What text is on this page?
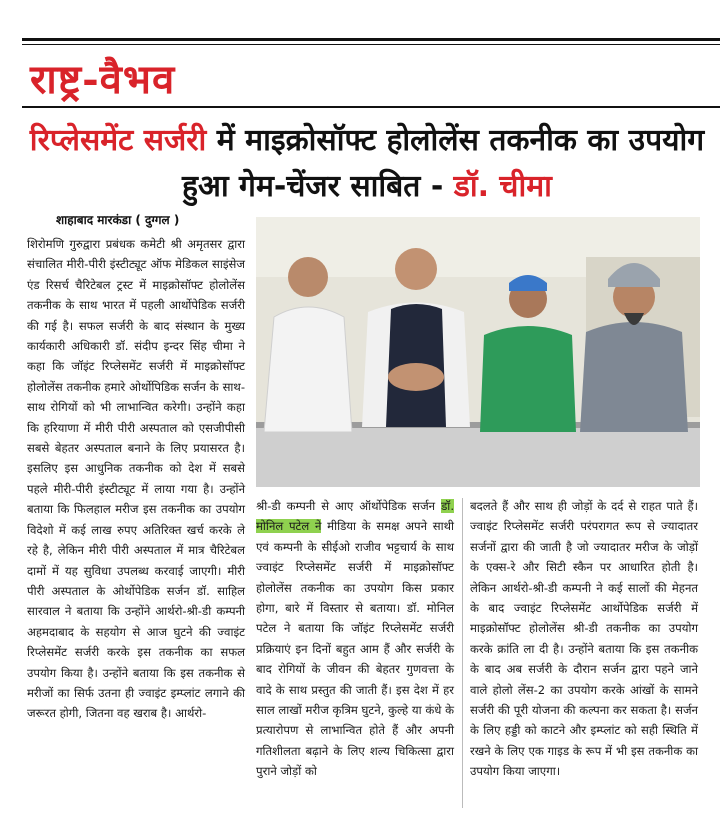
राष्ट्र-वैभव
रिप्लेसमेंट सर्जरी में माइक्रोसॉफ्ट होलोलेंस तकनीक का उपयोग हुआ गेम-चेंजर साबित - डॉ. चीमा
शाहाबाद मारकंडा ( दुग्गल )
शिरोमणि गुरुद्वारा प्रबंधक कमेटी श्री अमृतसर द्वारा संचालित मीरी-पीरी इंस्टीट्यूट ऑफ मेडिकल साइंसेज एंड रिसर्च चैरिटेबल ट्रस्ट में माइक्रोसॉफ्ट होलोलेंस तकनीक के साथ भारत में पहली आर्थोपेडिक सर्जरी की गई है। सफल सर्जरी के बाद संस्थान के मुख्य कार्यकारी अधिकारी डॉ. संदीप इन्दर सिंह चीमा ने कहा कि जॉइंट रिप्लेसमेंट सर्जरी में माइक्रोसॉफ्ट होलोलेंस तकनीक हमारे ओर्थोपिडिक सर्जन के साथ-साथ रोगियों को भी लाभान्वित करेगी। उन्होंने कहा कि हरियाणा में मीरी पीरी अस्पताल को एसजीपीसी सबसे बेहतर अस्पताल बनाने के लिए प्रयासरत है। इसलिए इस आधुनिक तकनीक को देश में सबसे पहले मीरी-पीरी इंस्टीट्यूट में लाया गया है। उन्होंने बताया कि फिलहाल मरीज इस तकनीक का उपयोग विदेशो में कई लाख रुपए अतिरिक्त खर्च करके ले रहे है, लेकिन मीरी पीरी अस्पताल में मात्र चैरिटेबल दामों में यह सुविधा उपलब्ध करवाई जाएगी। मीरी पीरी अस्पताल के ओर्थोपेडिक सर्जन डॉ. साहिल सारवाल ने बताया कि उन्होंने आर्थरो-श्री-डी कम्पनी अहमदाबाद के सहयोग से आज घुटने की ज्वाइंट रिप्लेसमेंट सर्जरी करके इस तकनीक का सफल उपयोग किया है। उन्होंने बताया कि इस तकनीक से मरीजों का सिर्फ उतना ही ज्वाइंट इम्प्लांट लगाने की जरूरत होगी, जितना वह खराब है। आर्थरो-
श्री-डी कम्पनी से आए ऑर्थोपेडिक सर्जन डॉ. मोनिल पटेल ने मीडिया के समक्ष अपने साथी एवं कम्पनी के सीईओ राजीव भट्टचार्य के साथ ज्वाइंट रिप्लेसमेंट सर्जरी में माइक्रोसॉफ्ट होलोलेंस तकनीक का उपयोग किस प्रकार होगा, बारे में विस्तार से बताया। डॉ. मोनिल पटेल ने बताया कि जॉइंट रिप्लेसमेंट सर्जरी प्रक्रियाएं इन दिनों बहुत आम हैं और सर्जरी के बाद रोगियों के जीवन की बेहतर गुणवत्ता के वादे के साथ प्रस्तुत की जाती हैं। इस देश में हर साल लाखों मरीज कृत्रिम घुटने, कुल्हे या कंधे के प्रत्यारोपण से लाभान्वित होते हैं और अपनी गतिशीलता बढ़ाने के लिए शल्य चिकित्सा द्वारा पुराने जोड़ों को
बदलते हैं और साथ ही जोड़ों के दर्द से राहत पाते हैं। ज्वाइंट रिप्लेसमेंट सर्जरी परंपरागत रूप से ज्यादातर सर्जनों द्वारा की जाती है जो ज्यादातर मरीज के जोड़ों के एक्स-रे और सिटी स्कैन पर आधारित होती है। लेकिन आर्थरो-श्री-डी कम्पनी ने कई सालों की मेहनत के बाद ज्वाइंट रिप्लेसमेंट आर्थोपेडिक सर्जरी में माइक्रोसॉफ्ट होलोलेंस श्री-डी तकनीक का उपयोग करके क्रांति ला दी है। उन्होंने बताया कि इस तकनीक के बाद अब सर्जरी के दौरान सर्जन द्वारा पहने जाने वाले होलो लेंस-2 का उपयोग करके आंखों के सामने सर्जरी की पूरी योजना की कल्पना कर सकता है। सर्जन के लिए हड्डी को काटने और इम्प्लांट को सही स्थिति में रखने के लिए एक गाइड के रूप में भी इस तकनीक का उपयोग किया जाएगा।
